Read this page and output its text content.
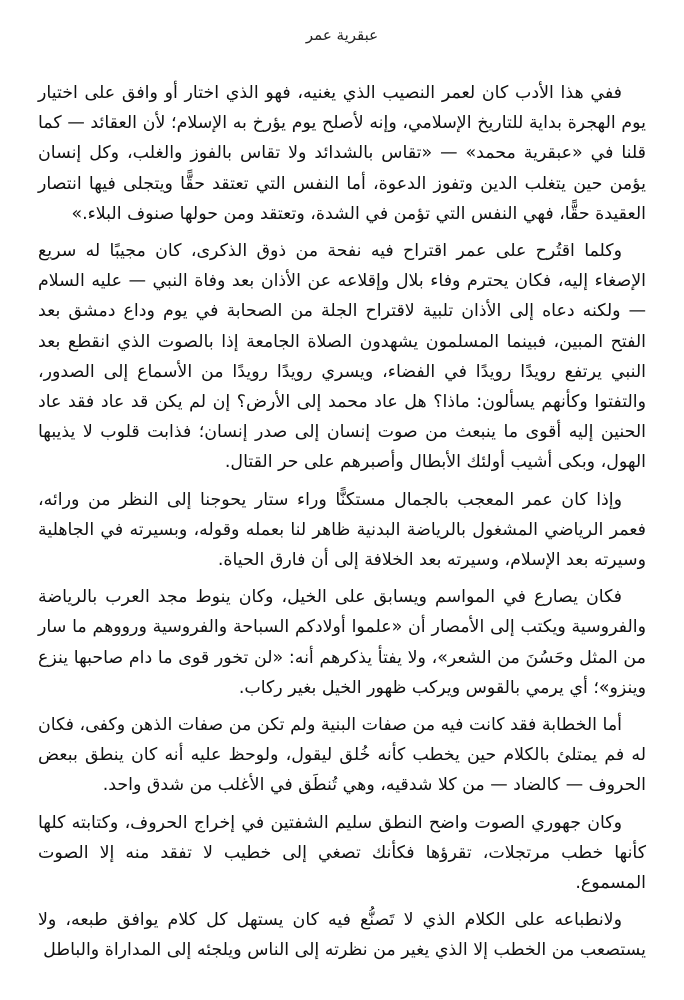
عبقرية عمر

ففي هذا الأدب كان لعمر النصيب الذي يغنيه، فهو الذي اختار أو وافق على اختيار يوم الهجرة بداية للتاريخ الإسلامي، وإنه لأصلح يوم يؤرخ به الإسلام؛ لأن العقائد — كما قلنا في «عبقرية محمد» — «تقاس بالشدائد ولا تقاس بالفوز والغلب، وكل إنسان يؤمن حين يتغلب الدين وتفوز الدعوة، أما النفس التي تعتقد حقًّا ويتجلى فيها انتصار العقيدة حقًّا، فهي النفس التي تؤمن في الشدة، وتعتقد ومن حولها صنوف البلاء.»

وكلما اقتُرح على عمر اقتراح فيه نفحة من ذوق الذكرى، كان مجيبًا له سريع الإصغاء إليه، فكان يحترم وفاء بلال وإقلاعه عن الأذان بعد وفاة النبي — عليه السلام — ولكنه دعاه إلى الأذان تلبية لاقتراح الجلة من الصحابة في يوم وداع دمشق بعد الفتح المبين، فبينما المسلمون يشهدون الصلاة الجامعة إذا بالصوت الذي انقطع بعد النبي يرتفع رويدًا رويدًا في الفضاء، ويسري رويدًا رويدًا من الأسماع إلى الصدور، والتفتوا وكأنهم يسألون: ماذا؟ هل عاد محمد إلى الأرض؟ إن لم يكن قد عاد فقد عاد الحنين إليه أقوى ما ينبعث من صوت إنسان إلى صدر إنسان؛ فذابت قلوب لا يذيبها الهول، وبكى أشيب أولئك الأبطال وأصبرهم على حر القتال.

وإذا كان عمر المعجب بالجمال مستكنًّا وراء ستار يحوجنا إلى النظر من ورائه، فعمر الرياضي المشغول بالرياضة البدنية ظاهر لنا بعمله وقوله، وبسيرته في الجاهلية وسيرته بعد الإسلام، وسيرته بعد الخلافة إلى أن فارق الحياة.

فكان يصارع في المواسم ويسابق على الخيل، وكان ينوط مجد العرب بالرياضة والفروسية ويكتب إلى الأمصار أن «علموا أولادكم السباحة والفروسية ورووهم ما سار من المثل وحَسُنَ من الشعر»، ولا يفتأ يذكرهم أنه: «لن تخور قوى ما دام صاحبها ينزع وينزو»؛ أي يرمي بالقوس ويركب ظهور الخيل بغير ركاب.

أما الخطابة فقد كانت فيه من صفات البنية ولم تكن من صفات الذهن وكفى، فكان له فم يمتلئ بالكلام حين يخطب كأنه خُلق ليقول، ولوحظ عليه أنه كان ينطق ببعض الحروف — كالضاد — من كلا شدقيه، وهي تُنطَق في الأغلب من شدق واحد.

وكان جهوري الصوت واضح النطق سليم الشفتين في إخراج الحروف، وكتابته كلها كأنها خطب مرتجلات، تقرؤها فكأنك تصغي إلى خطيب لا تفقد منه إلا الصوت المسموع.

ولانطباعه على الكلام الذي لا تَصنُّع فيه كان يستهل كل كلام يوافق طبعه، ولا يستصعب من الخطب إلا الذي يغير من نظرته إلى الناس ويلجئه إلى المداراة والباطل
